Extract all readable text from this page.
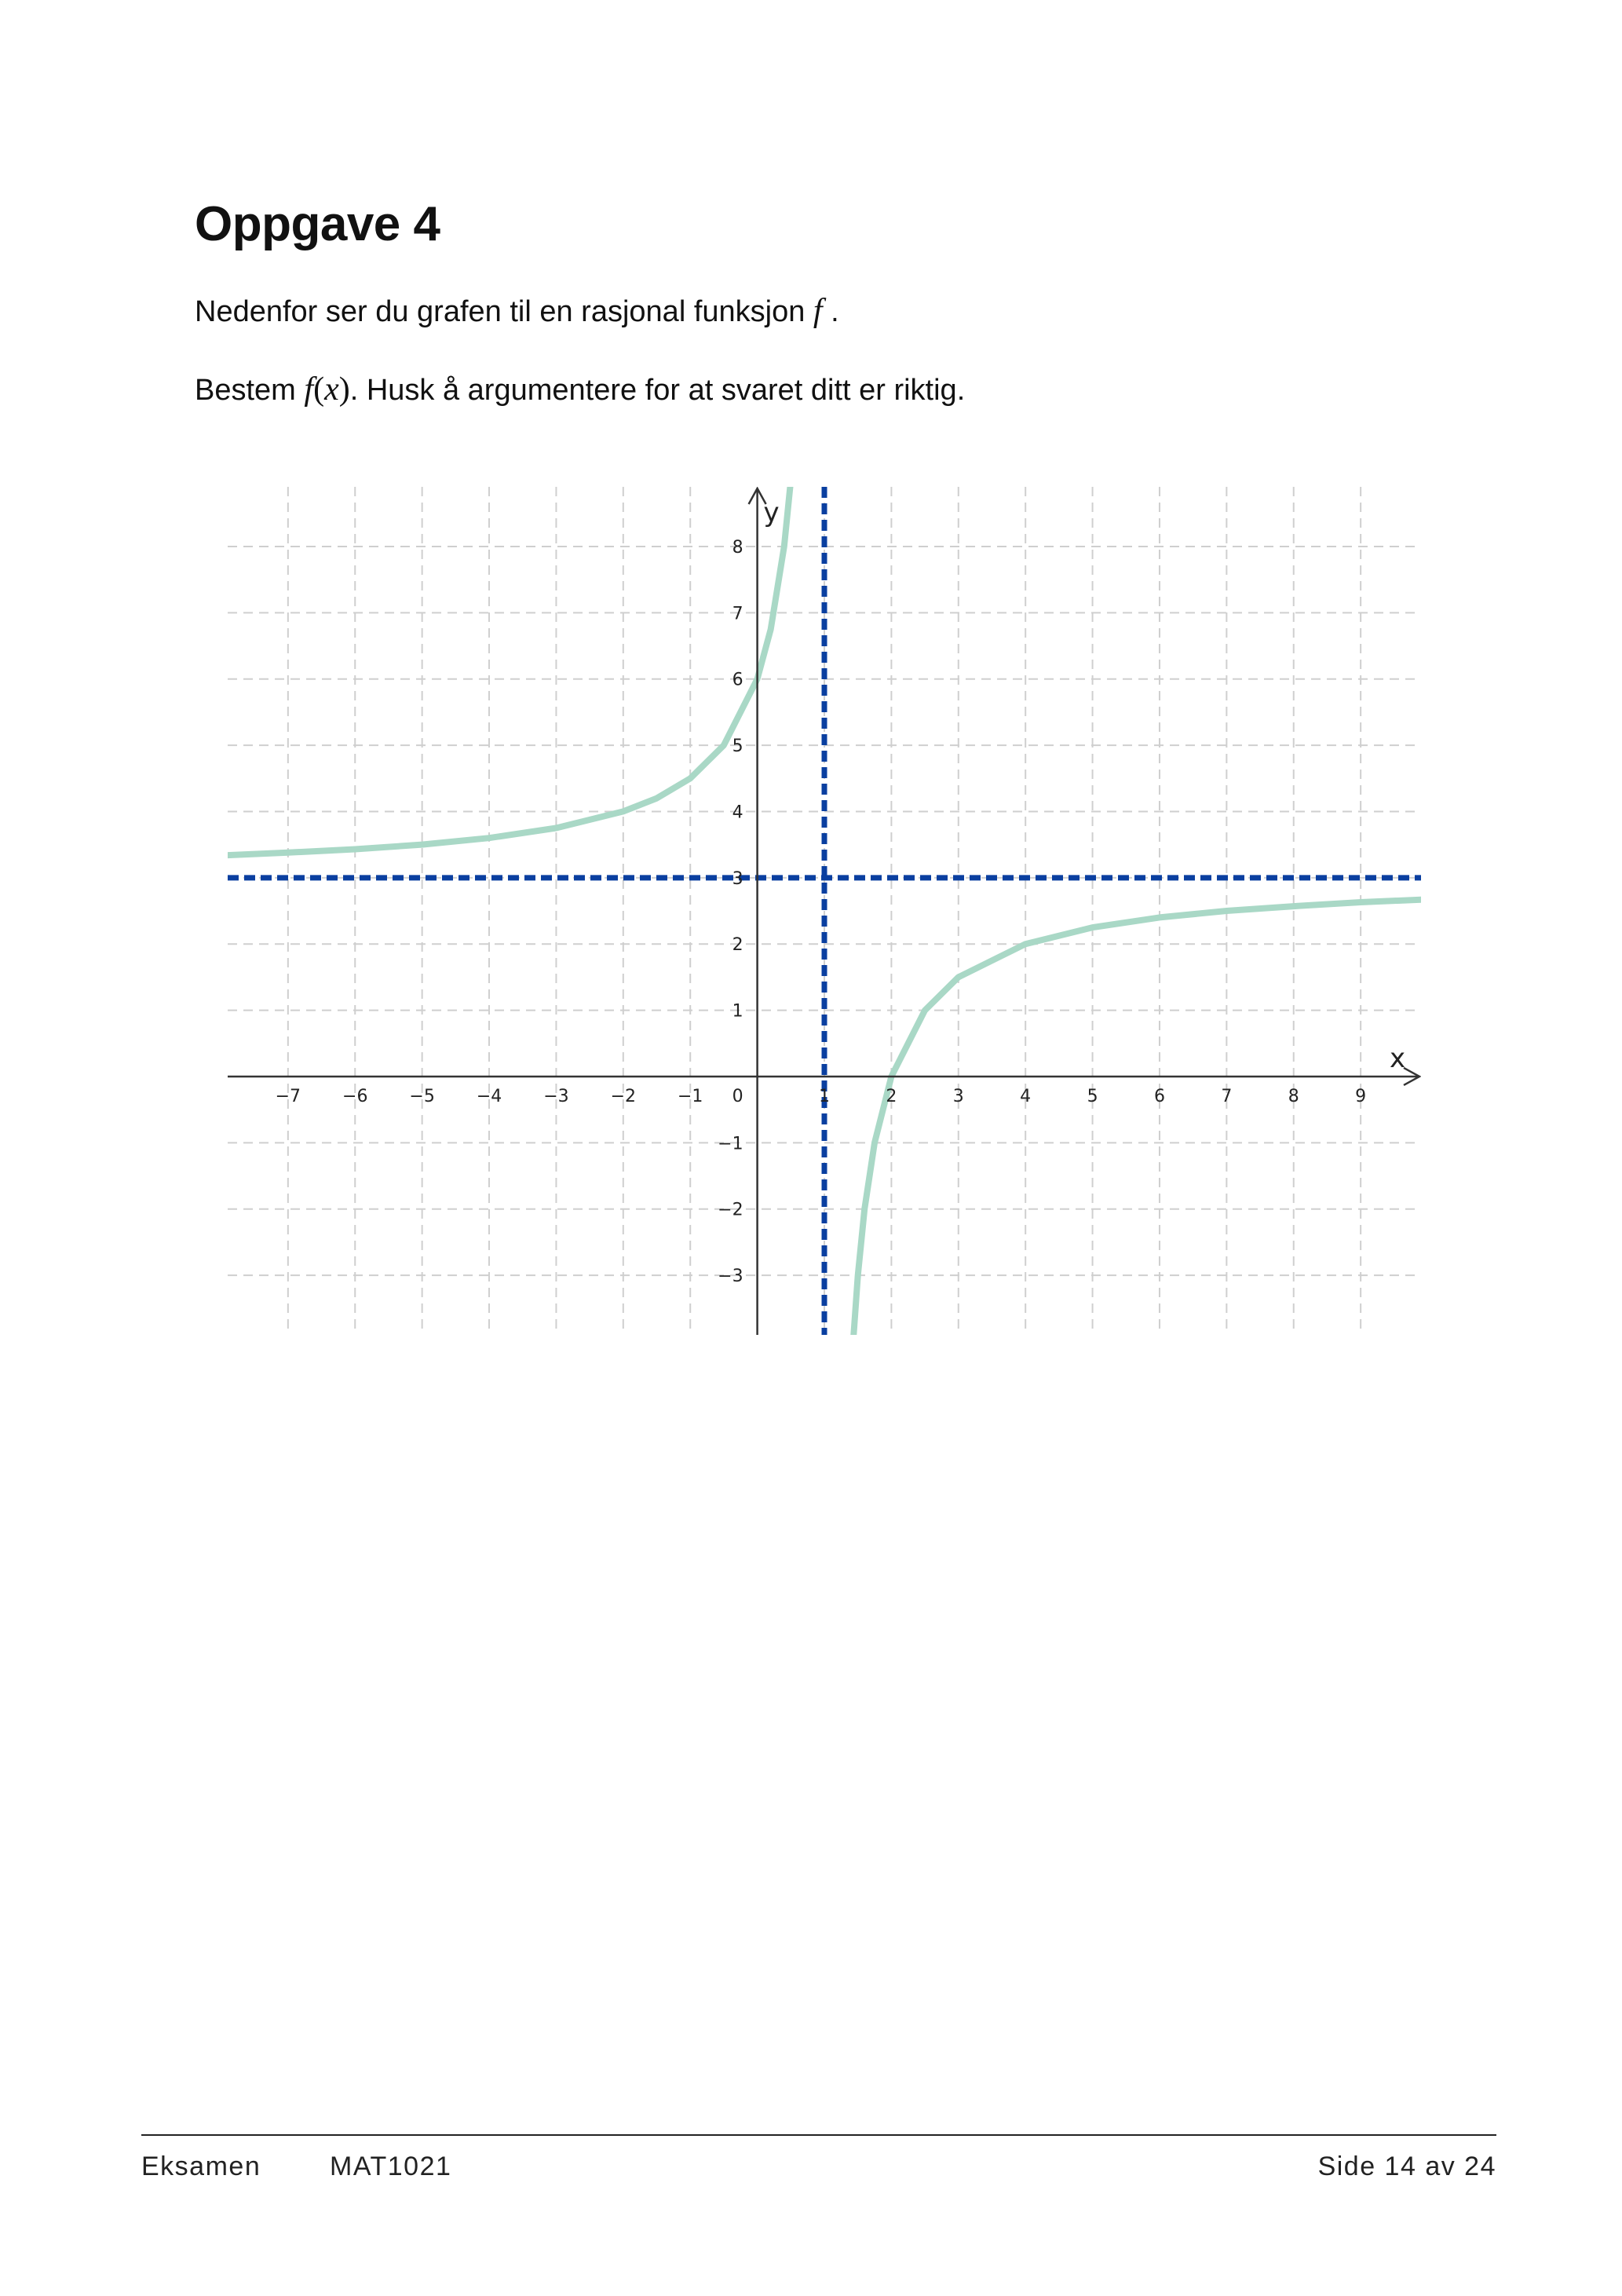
Oppgave 4

Nedenfor ser du grafen til en rasjonal funksjon f .

Bestem f(x). Husk å argumentere for at svaret ditt er riktig.

−7 −6 −5 −4 −3 −2 −1	1	2	3	4	5	6	7	8	9
−3
−2
−1
1
2
3
4
5
6
7
8
0
x
y
Eksamen	MAT1021	Side 14 av 24
